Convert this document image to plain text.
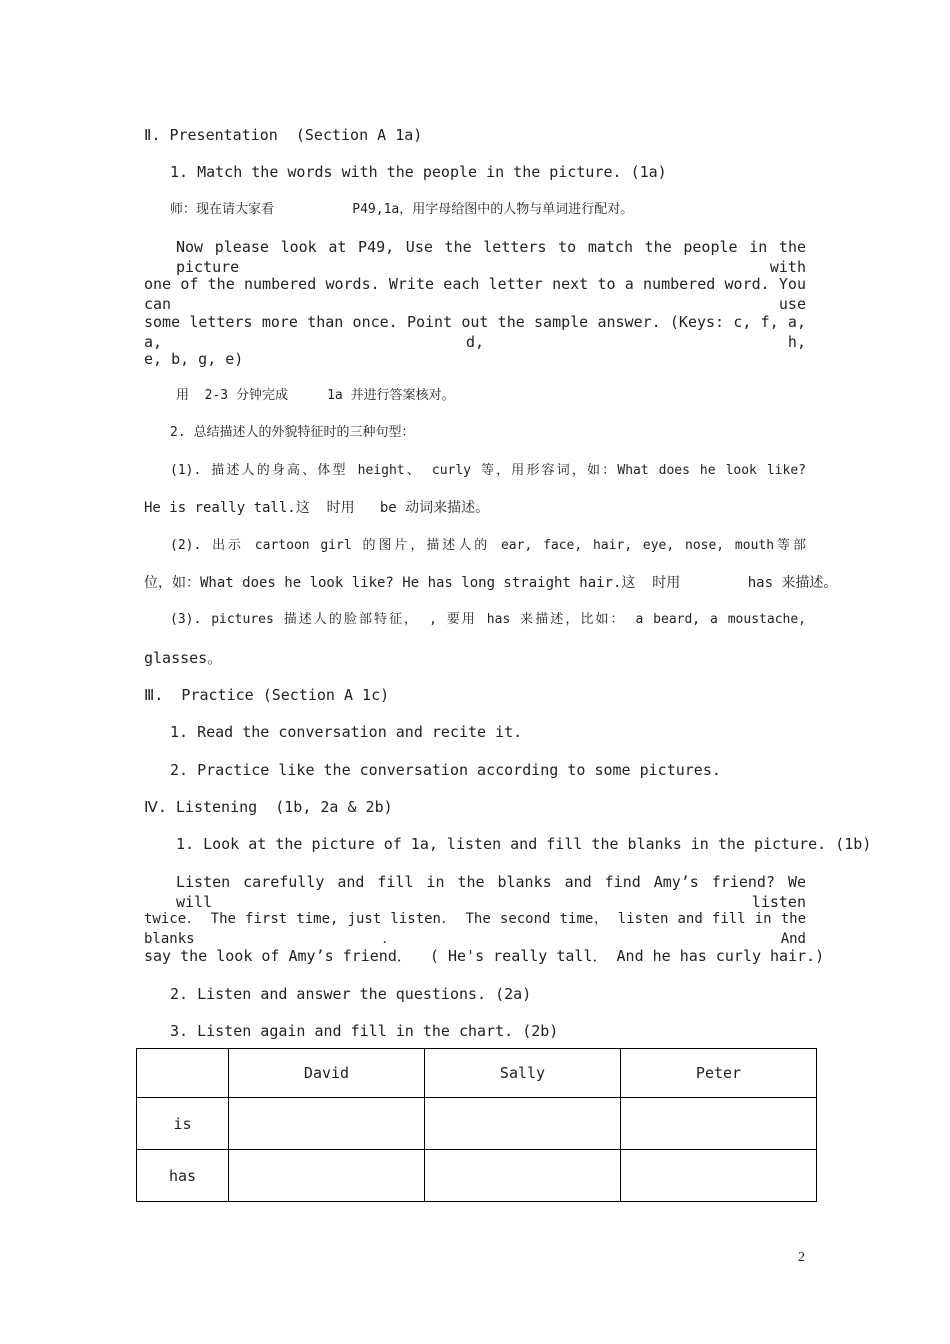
Ⅱ. Presentation  (Section A 1a)
1. Match the words with the people in the picture. (1a)
师：现在请大家看          P49,1a，用字母给图中的人物与单词进行配对。
Now please look at P49, Use the letters to match the people in the picture with
one of the numbered words. Write each letter next to a numbered word. You can use
some letters more than once. Point out the sample answer. (Keys: c, f, a, a, d, h,
e, b, g, e)
用  2-3 分钟完成     1a 并进行答案核对。
2. 总结描述人的外貌特征时的三种句型：
(1). 描述人的身高、体型 height、 curly 等，用形容词，如：What does he look like?
He is really tall.这  时用   be 动词来描述。
(2). 出示 cartoon girl 的图片，描述人的 ear, face, hair, eye, nose, mouth等部
位，如：What does he look like? He has long straight hair.这  时用        has 来描述。
(3). pictures 描述人的脸部特征， , 要用 has 来描述，比如： a beard, a moustache,
glasses。
Ⅲ.  Practice (Section A 1c)
1. Read the conversation and recite it.
2. Practice like the conversation according to some pictures.
Ⅳ. Listening  (1b, 2a & 2b)
1. Look at the picture of 1a, listen and fill the blanks in the picture. (1b)
Listen carefully and fill in the blanks and find Amy’s friend? We will listen
twice． The first time, just listen． The second time， listen and fill in the blanks． And
say the look of Amy’s friend．  ( He's really tall． And he has curly hair.)
2. Listen and answer the questions. (2a)
3. Listen again and fill in the chart. (2b)
	David	Sally	Peter
is			
has			
2
